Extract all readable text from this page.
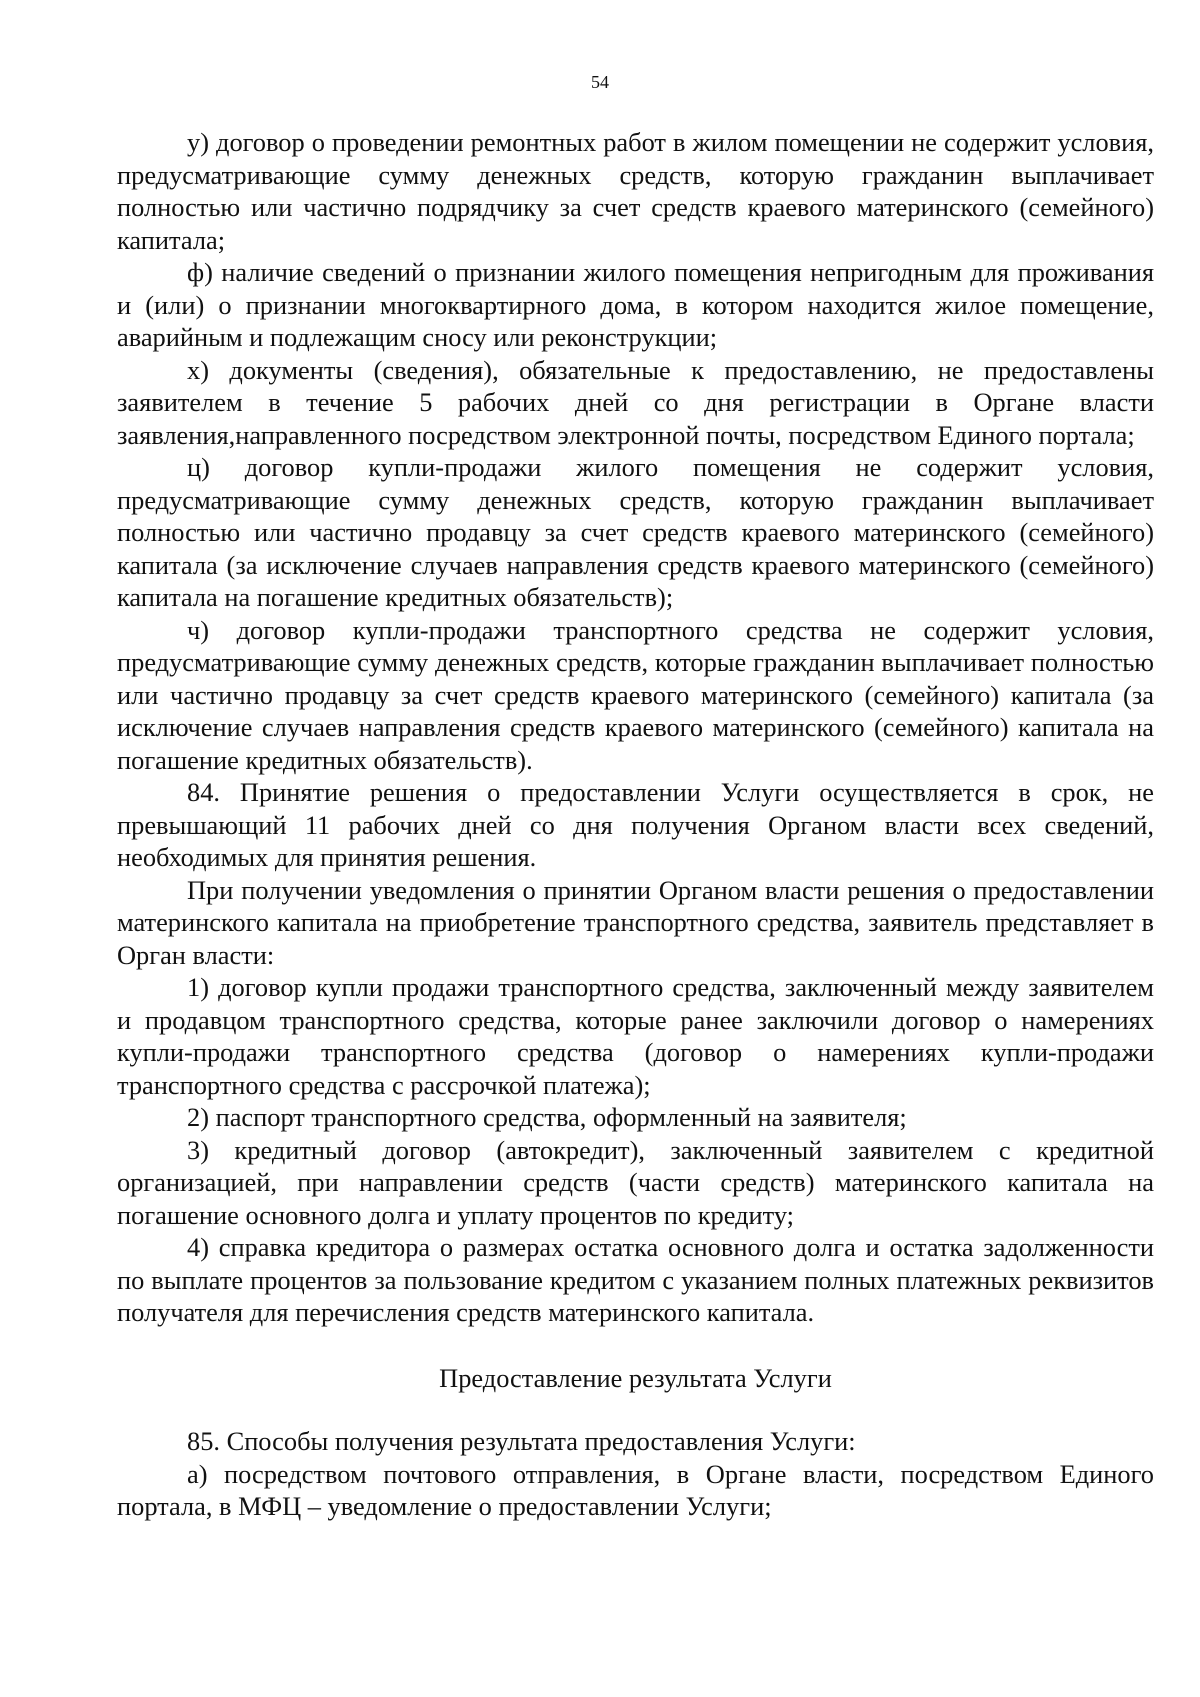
54

у) договор о проведении ремонтных работ в жилом помещении не содержит условия, предусматривающие сумму денежных средств, которую гражданин выплачивает полностью или частично подрядчику за счет средств краевого материнского (семейного) капитала;

ф) наличие сведений о признании жилого помещения непригодным для проживания и (или) о признании многоквартирного дома, в котором находится жилое помещение, аварийным и подлежащим сносу или реконструкции;

х) документы (сведения), обязательные к предоставлению, не предоставлены заявителем в течение 5 рабочих дней со дня регистрации в Органе власти заявления,направленного посредством электронной почты, посредством Единого портала;

ц) договор купли-продажи жилого помещения не содержит условия, предусматривающие сумму денежных средств, которую гражданин выплачивает полностью или частично продавцу за счет средств краевого материнского (семейного) капитала (за исключение случаев направления средств краевого материнского (семейного) капитала на погашение кредитных обязательств);

ч) договор купли-продажи транспортного средства не содержит условия, предусматривающие сумму денежных средств, которые гражданин выплачивает полностью или частично продавцу за счет средств краевого материнского (семейного) капитала (за исключение случаев направления средств краевого материнского (семейного) капитала на погашение кредитных обязательств).

84. Принятие решения о предоставлении Услуги осуществляется в срок, не превышающий 11 рабочих дней со дня получения Органом власти всех сведений, необходимых для принятия решения.

При получении уведомления о принятии Органом власти решения о предоставлении материнского капитала на приобретение транспортного средства, заявитель представляет в Орган власти:

1) договор купли продажи транспортного средства, заключенный между заявителем и продавцом транспортного средства, которые ранее заключили договор о намерениях купли-продажи транспортного средства (договор о намерениях купли-продажи транспортного средства с рассрочкой платежа);

2) паспорт транспортного средства, оформленный на заявителя;

3) кредитный договор (автокредит), заключенный заявителем с кредитной организацией, при направлении средств (части средств) материнского капитала на погашение основного долга и уплату процентов по кредиту;

4) справка кредитора о размерах остатка основного долга и остатка задолженности по выплате процентов за пользование кредитом с указанием полных платежных реквизитов получателя для перечисления средств материнского капитала.

Предоставление результата Услуги

85. Способы получения результата предоставления Услуги:

а) посредством почтового отправления, в Органе власти, посредством Единого портала, в МФЦ – уведомление о предоставлении Услуги;
